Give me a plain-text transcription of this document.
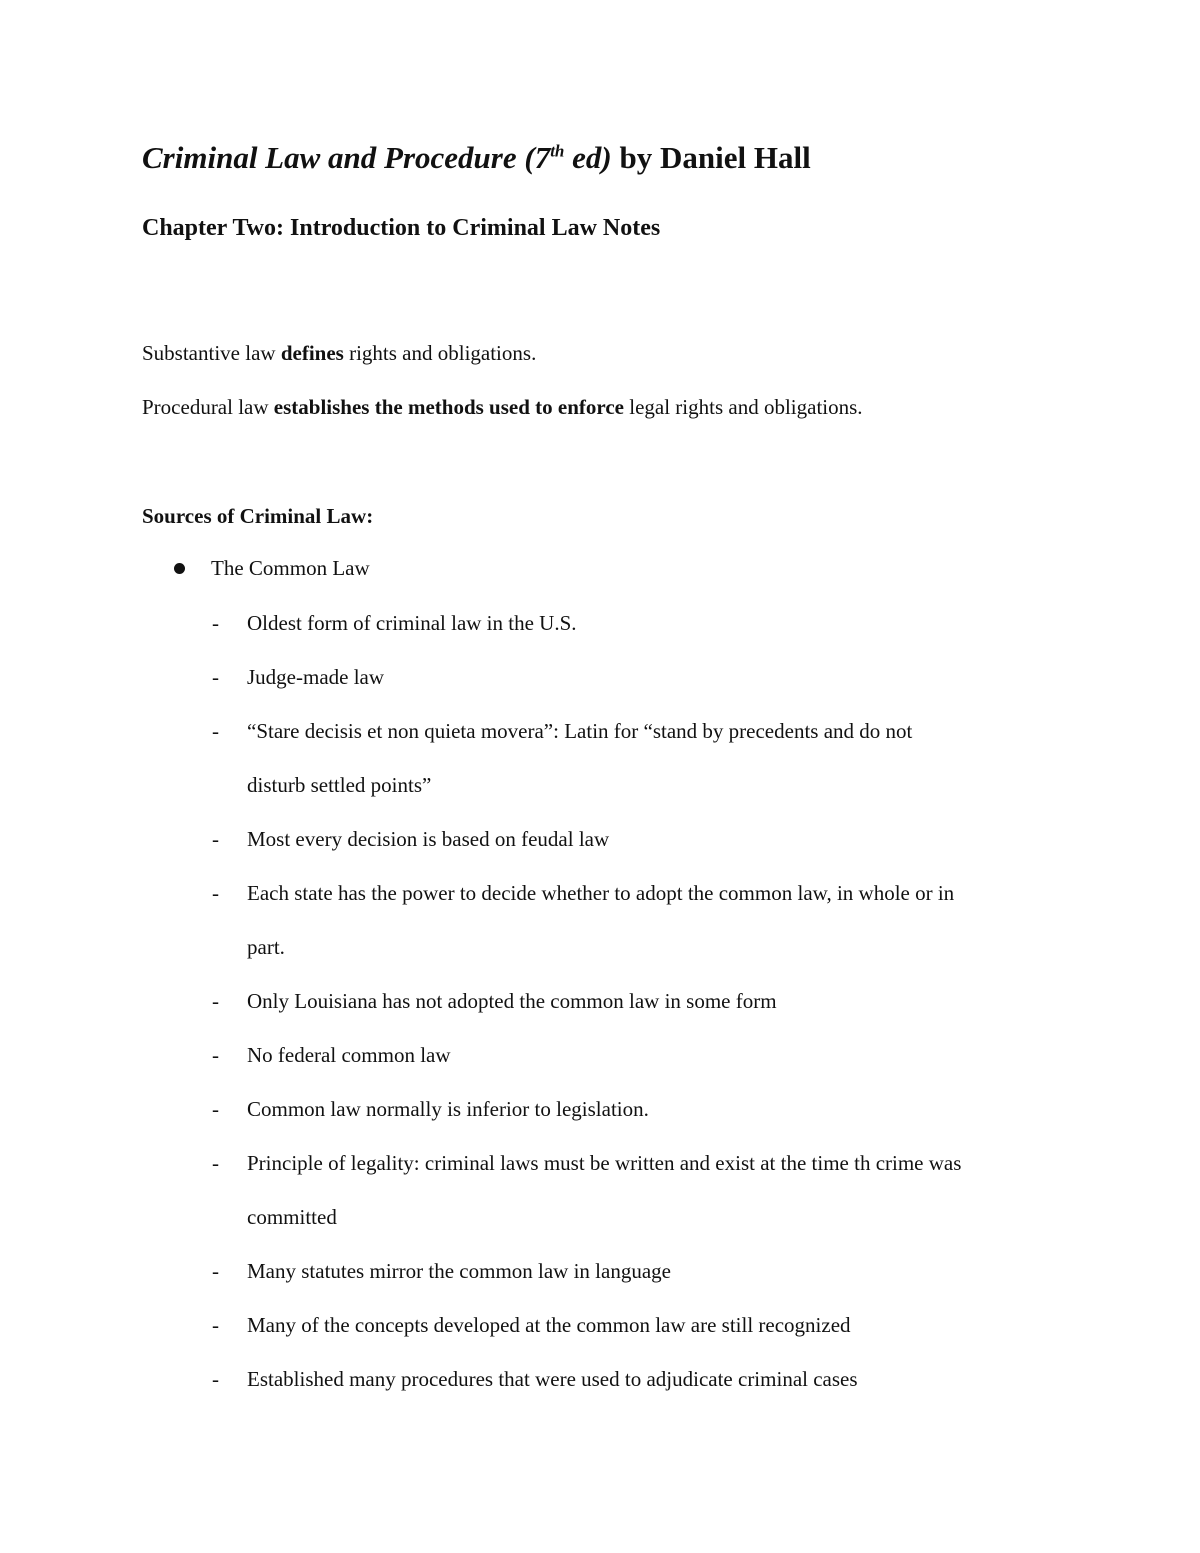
Criminal Law and Procedure (7th ed) by Daniel Hall
Chapter Two: Introduction to Criminal Law Notes
Substantive law defines rights and obligations.
Procedural law establishes the methods used to enforce legal rights and obligations.
Sources of Criminal Law:
The Common Law
- Oldest form of criminal law in the U.S.
- Judge-made law
- “Stare decisis et non quieta movera”: Latin for “stand by precedents and do not
disturb settled points”
- Most every decision is based on feudal law
- Each state has the power to decide whether to adopt the common law, in whole or in
part.
- Only Louisiana has not adopted the common law in some form
- No federal common law
- Common law normally is inferior to legislation.
- Principle of legality: criminal laws must be written and exist at the time th crime was
committed
- Many statutes mirror the common law in language
- Many of the concepts developed at the common law are still recognized
- Established many procedures that were used to adjudicate criminal cases
